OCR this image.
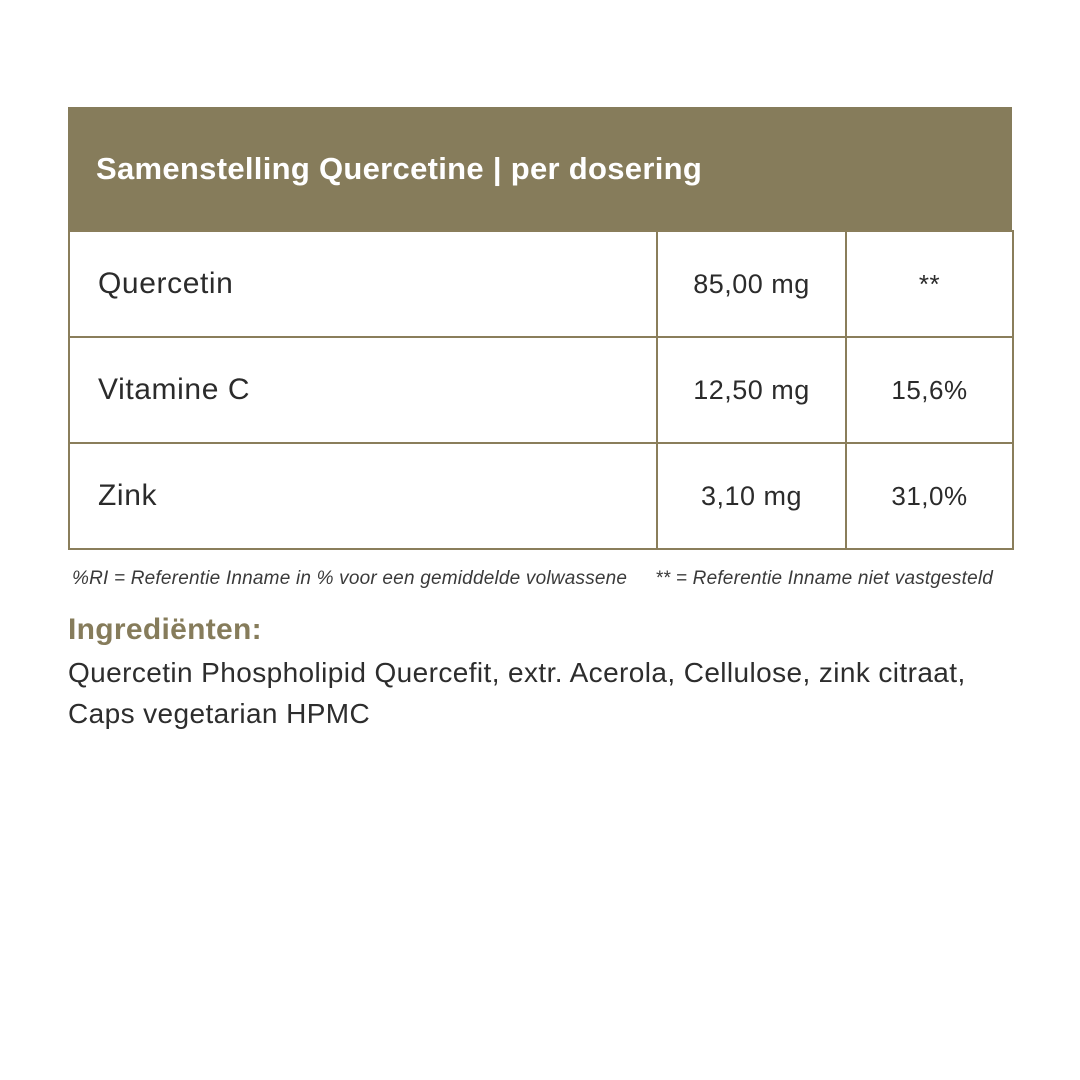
Samenstelling Quercetine | per dosering
Quercetin	85,00 mg	**
Vitamine C	12,50 mg	15,6%
Zink	3,10 mg	31,0%
%RI = Referentie Inname in % voor een gemiddelde volwassene ** = Referentie Inname niet vastgesteld
Ingrediënten:
Quercetin Phospholipid Quercefit, extr. Acerola, Cellulose, zink citraat, Caps vegetarian HPMC
